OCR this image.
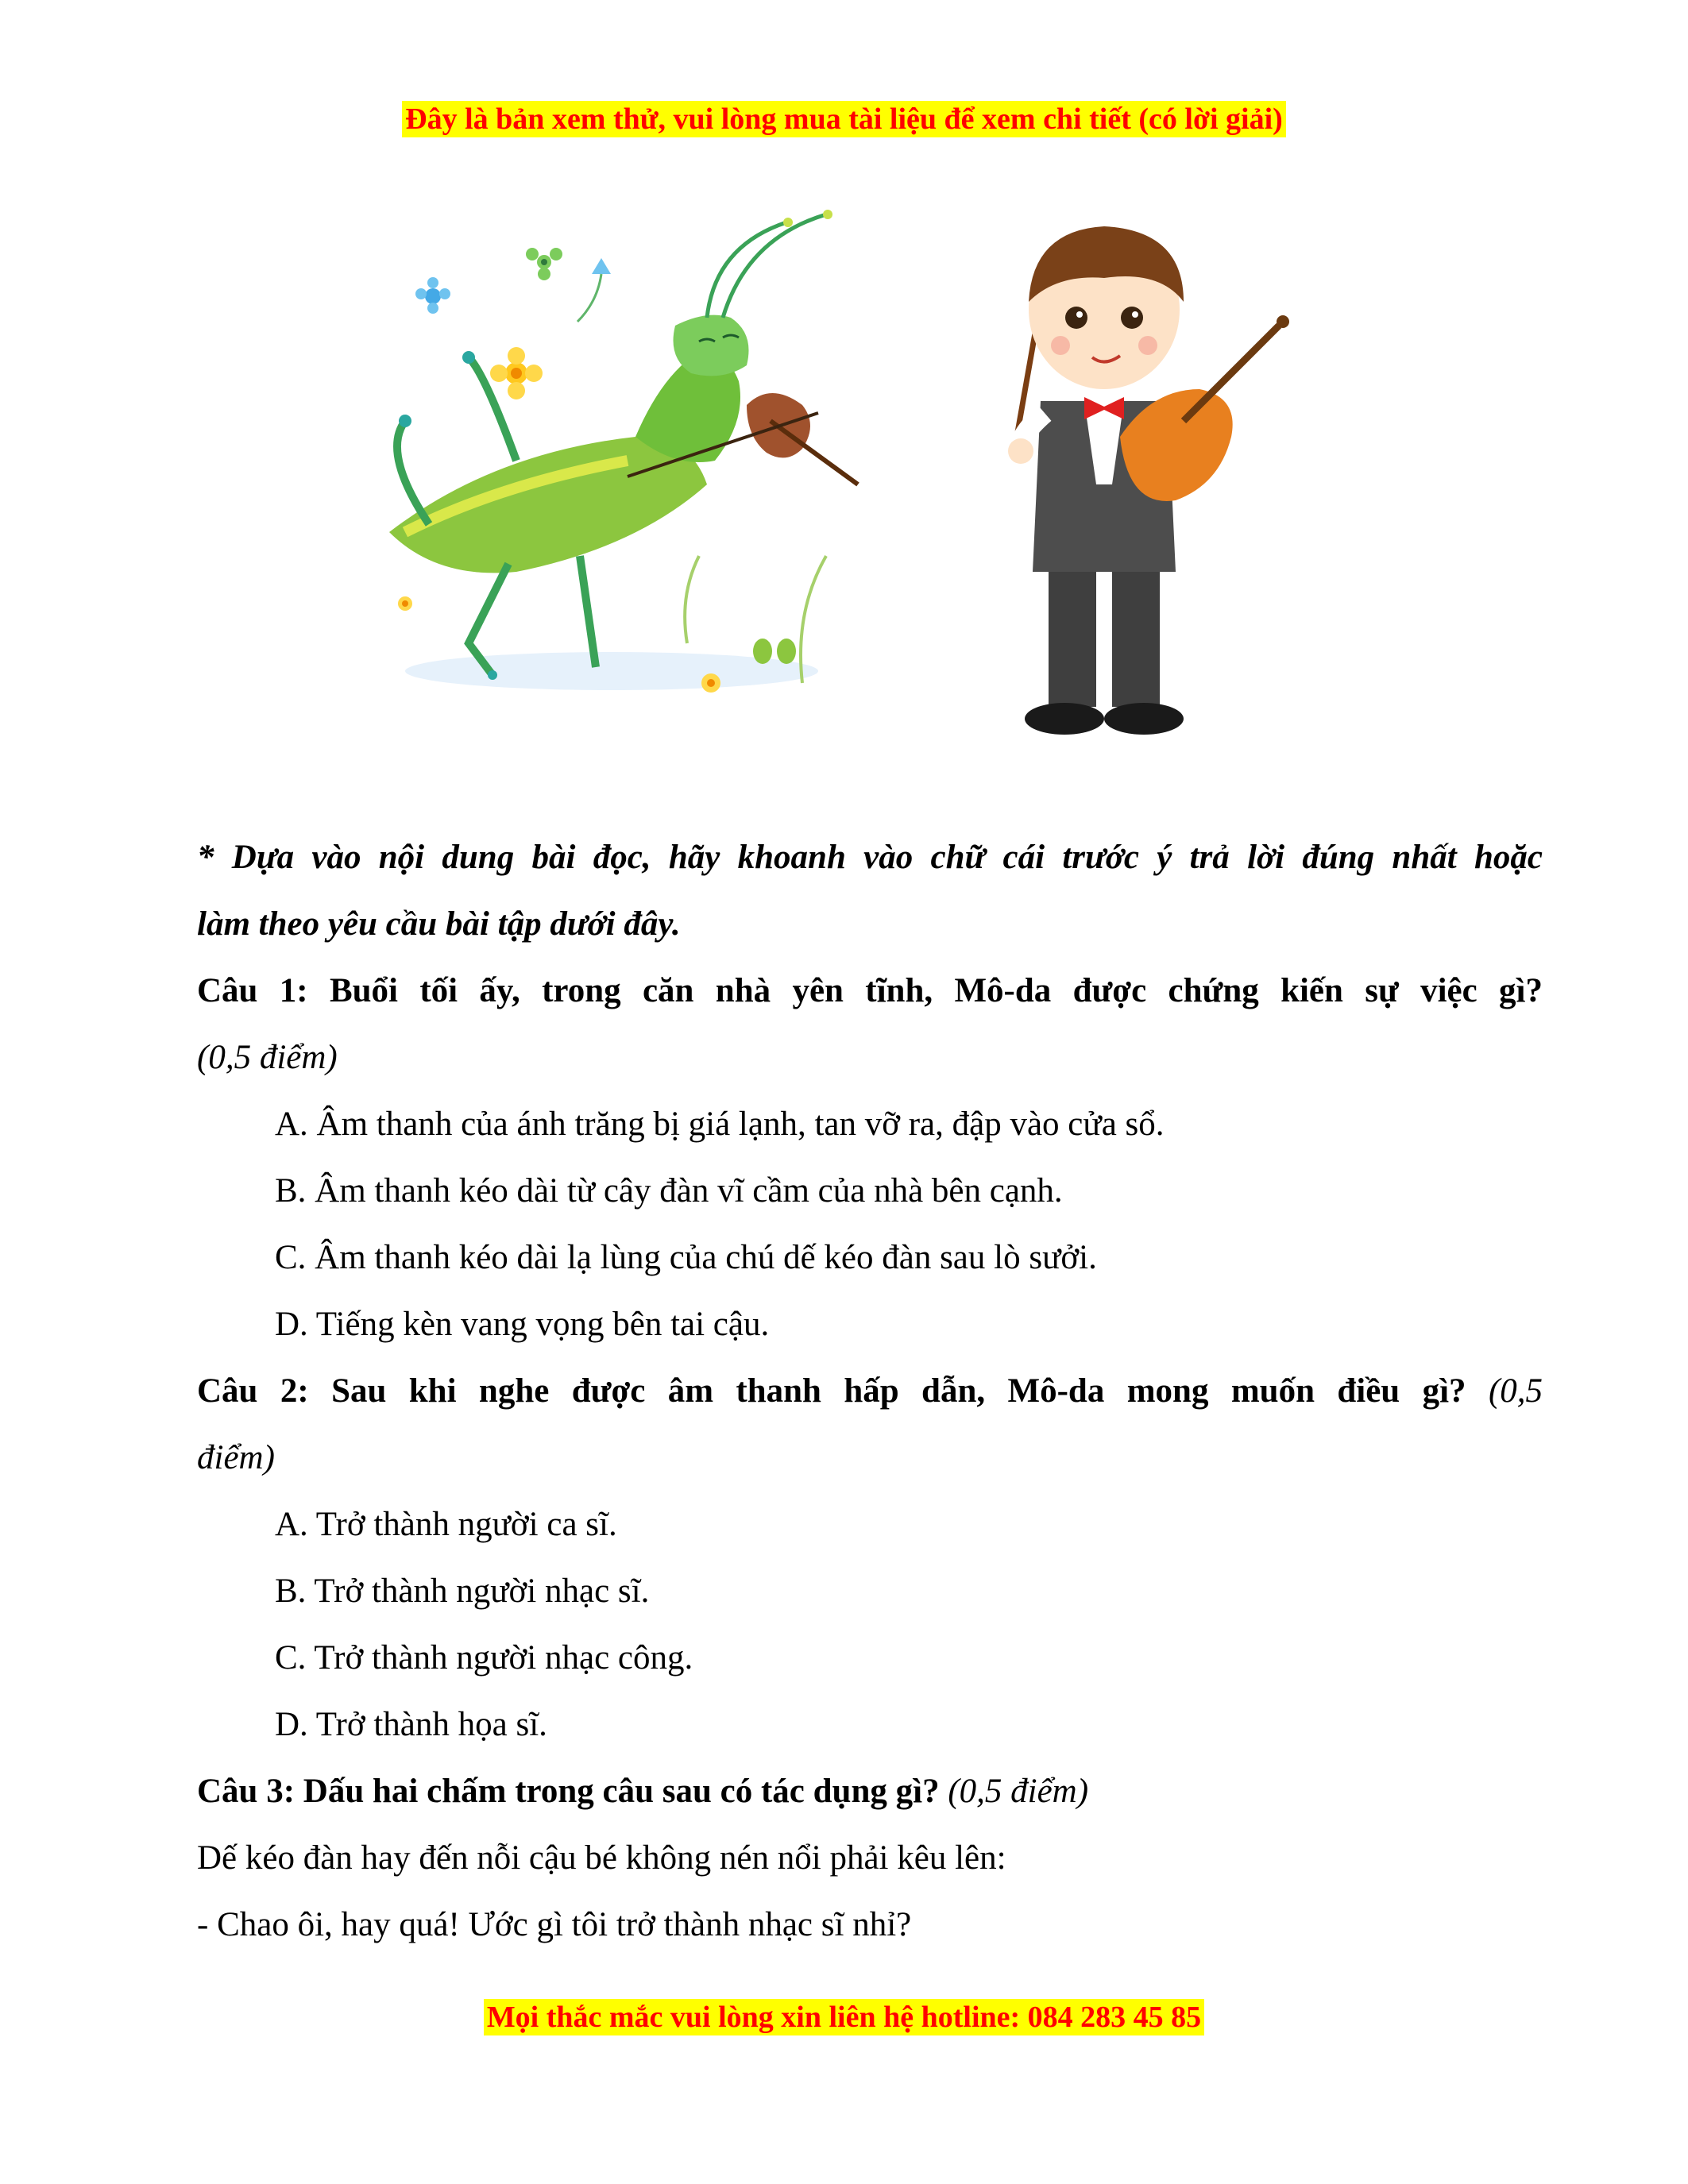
Đây là bản xem thử, vui lòng mua tài liệu để xem chi tiết (có lời giải)

* Dựa vào nội dung bài đọc, hãy khoanh vào chữ cái trước ý trả lời đúng nhất hoặc

làm theo yêu cầu bài tập dưới đây.

Câu 1: Buổi tối ấy, trong căn nhà yên tĩnh, Mô-da được chứng kiến sự việc gì?

(0,5 điểm)

A. Âm thanh của ánh trăng bị giá lạnh, tan vỡ ra, đập vào cửa sổ.

B. Âm thanh kéo dài từ cây đàn vĩ cầm của nhà bên cạnh.

C. Âm thanh kéo dài lạ lùng của chú dế kéo đàn sau lò sưởi.

D. Tiếng kèn vang vọng bên tai cậu.

Câu 2: Sau khi nghe được âm thanh hấp dẫn, Mô-da mong muốn điều gì? (0,5

điểm)

A. Trở thành người ca sĩ.

B. Trở thành người nhạc sĩ.

C. Trở thành người nhạc công.

D. Trở thành họa sĩ.

Câu 3: Dấu hai chấm trong câu sau có tác dụng gì? (0,5 điểm)

Dế kéo đàn hay đến nỗi cậu bé không nén nổi phải kêu lên:

- Chao ôi, hay quá! Ước gì tôi trở thành nhạc sĩ nhỉ?

Mọi thắc mắc vui lòng xin liên hệ hotline: 084 283 45 85
